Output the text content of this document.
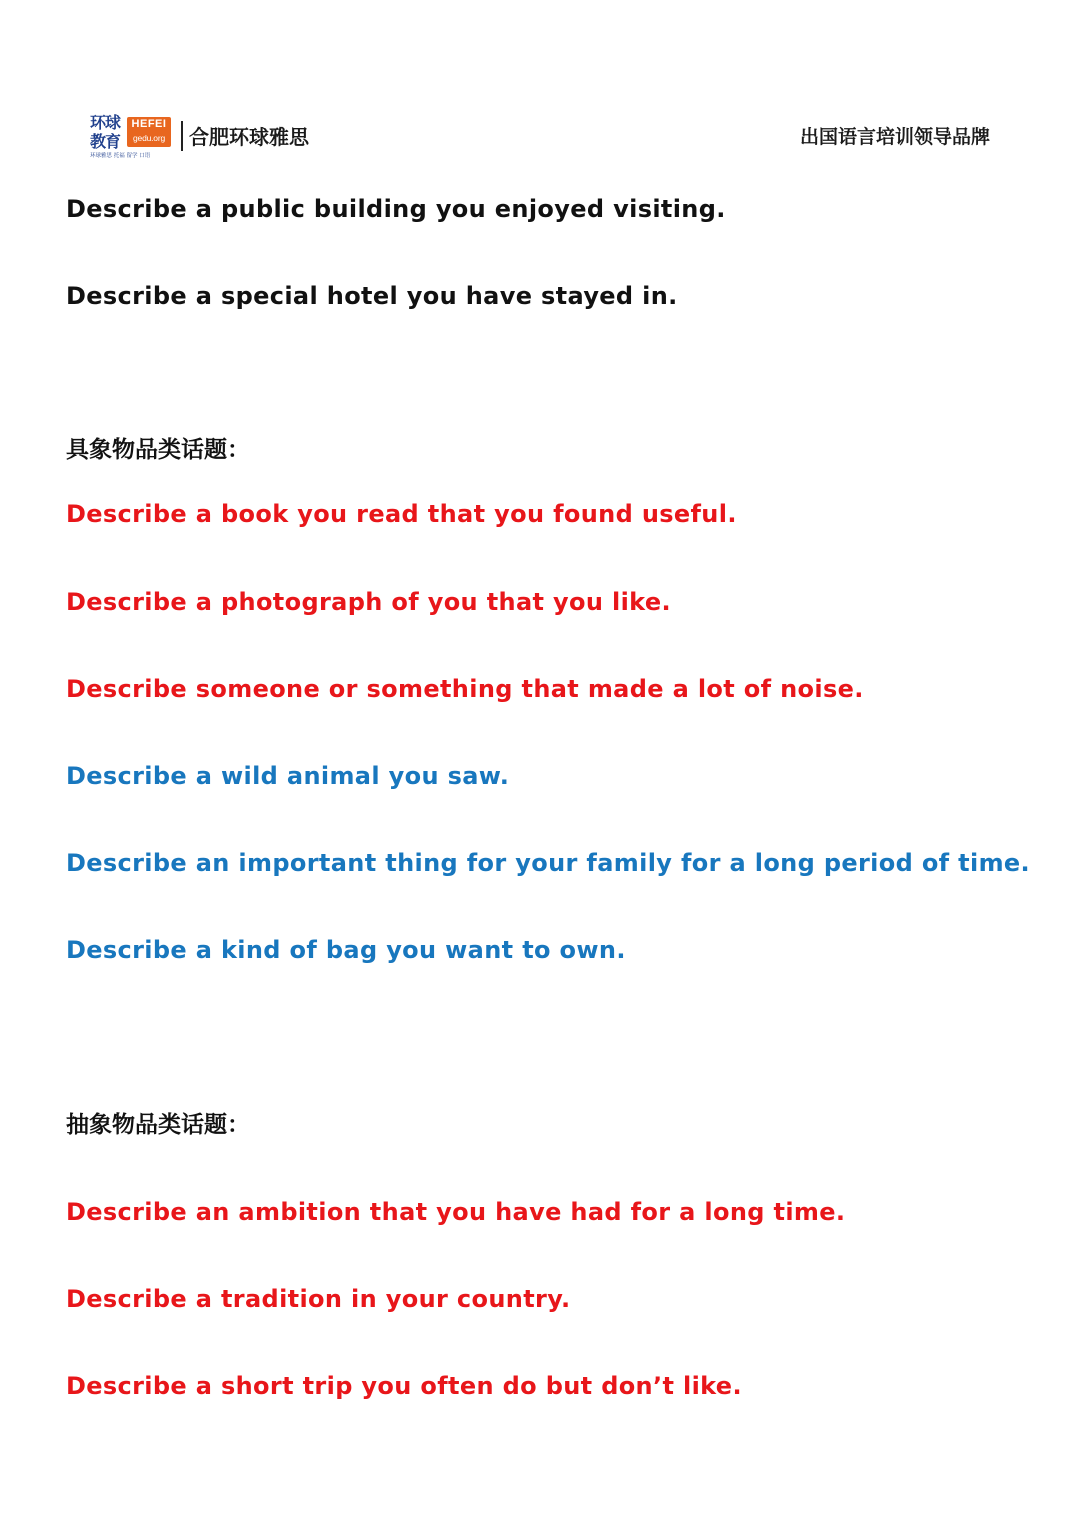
环球
教育
HEFEI
gedu.org
环球雅思 托福 留学 口语
合肥环球雅思	出国语言培训领导品牌
Describe a public building you enjoyed visiting.
Describe a special hotel you have stayed in.
具象物品类话题：
Describe a book you read that you found useful.
Describe a photograph of you that you like.
Describe someone or something that made a lot of noise.
Describe a wild animal you saw.
Describe an important thing for your family for a long period of time.
Describe a kind of bag you want to own.
抽象物品类话题：
Describe an ambition that you have had for a long time.
Describe a tradition in your country.
Describe a short trip you often do but don’t like.
